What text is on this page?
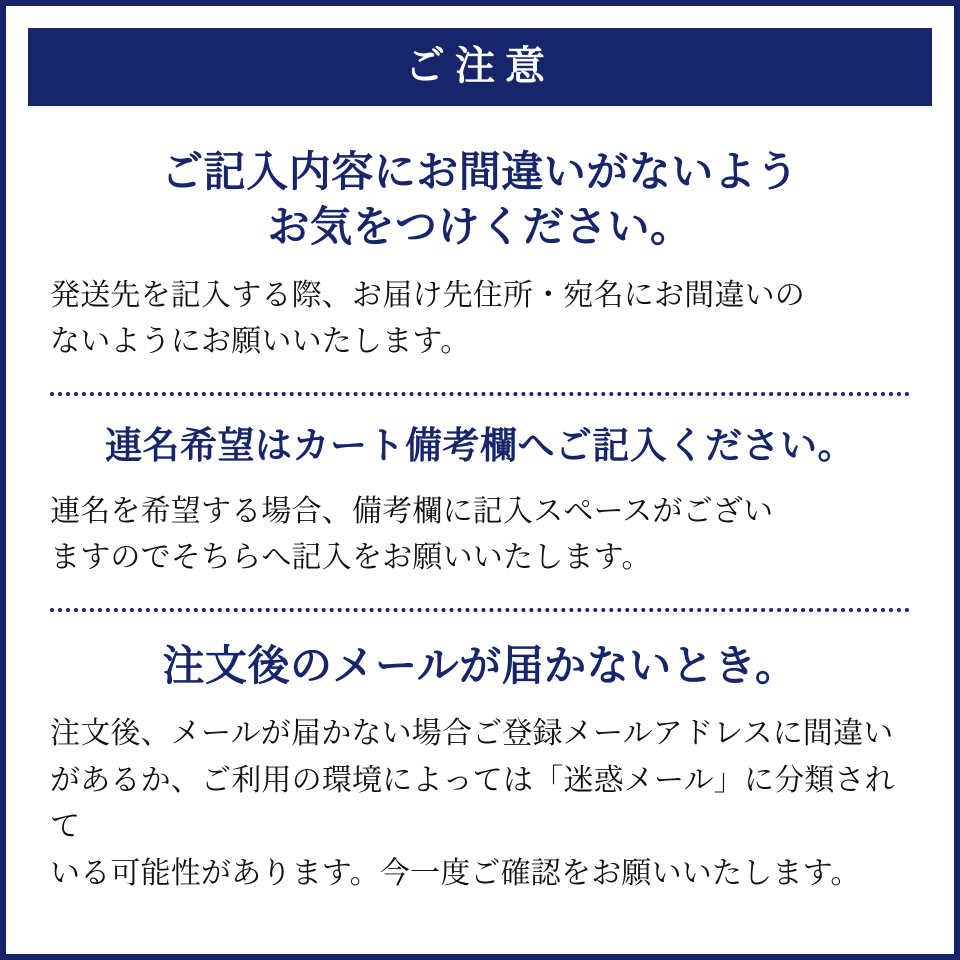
ご注意
ご記入内容にお間違いがないよう
お気をつけください。

発送先を記入する際、お届け先住所・宛名にお間違いの
ないようにお願いいたします。

連名希望はカート備考欄へご記入ください。

連名を希望する場合、備考欄に記入スペースがござい
ますのでそちらへ記入をお願いいたします。

注文後のメールが届かないとき。

注文後、メールが届かない場合ご登録メールアドレスに間違い
があるか、ご利用の環境によっては「迷惑メール」に分類されて
いる可能性があります。今一度ご確認をお願いいたします。
